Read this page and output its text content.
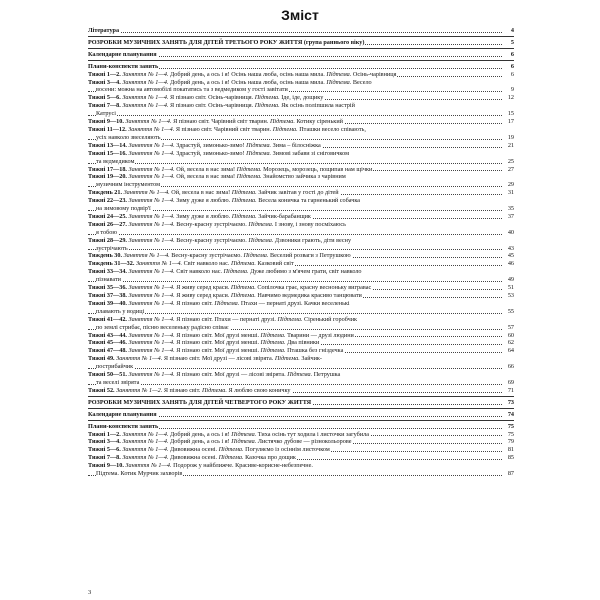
Зміст
Література	4
РОЗРОБКИ МУЗИЧНИХ ЗАНЯТЬ ДЛЯ ДІТЕЙ ТРЕТЬОГО РОКУ ЖИТТЯ (група раннього віку)	5
Календарне планування	6
Плани-конспекти занять	6
Тижні 1—2. Заняття № 1—4. Добрий день, а ось і я! Осінь наша люба, осінь наша мила. Підтема. Осінь-чарівниця	6
Тижні 3—4. Заняття № 1—4. Добрий день, а ось і я! Осінь наша люба, осінь наша мила. Підтема. Весело
восени: можна на автомобілі покататись та з ведмедиком у гості завітати	9
Тижні 5—6. Заняття № 1—4. Я пізнаю світ. Осінь-чарівниця. Підтема. Іде, іде, дощику	12
Тижні 7—8. Заняття № 1—4. Я пізнаю світ. Осінь-чарівниця. Підтема. Як осінь поліпшила настрій
Катрусі	15
Тижні 9—10. Заняття № 1—4. Я пізнаю світ. Чарівний світ тварин. Підтема. Котику сіренький	17
Тижні 11—12. Заняття № 1—4. Я пізнаю світ. Чарівний світ тварин. Підтема. Пташки весело співають,
усіх навколо звеселяють	19
Тижні 13—14. Заняття № 1—4. Здрастуй, зимонько-зимо! Підтема. Зима – білосніжка	21
Тижні 15—16. Заняття № 1—4. Здрастуй, зимонько-зимо! Підтема. Зимові забави зі сніговичком
та ведмедиком	25
Тижні 17—18. Заняття № 1—4. Ой, весела в нас зима! Підтема. Морозець, морозець, пощипав нам щічки	27
Тижні 19—20. Заняття № 1—4. Ой, весела в нас зима! Підтема. Знайомство зайчика з чарівним
музичним інструментом	29
Тиждень 21. Заняття № 1—4. Ой, весела в нас зима! Підтема. Зайчик завітав у гості до дітей	31
Тижні 22—23. Заняття № 1—4. Зиму дуже я люблю. Підтема. Весела коничка та гарненький собачка
на зимовому подвір'ї	35
Тижні 24—25. Заняття № 1—4. Зиму дуже я люблю. Підтема. Зайчик-барабанщик	37
Тижні 26—27. Заняття № 1—4. Весну-красну зустрічаємо. Підтема. І знову, і знову посміхаюсь
я тобою	40
Тижні 28—29. Заняття № 1—4. Весну-красну зустрічаємо. Підтема. Дзвоники грають, діти весну
зустрічають	43
Тиждень 30. Заняття № 1—4. Весну-красну зустрічаємо. Підтема. Веселий розваги з Петрушкою	45
Тиждень 31—32. Заняття № 1—4. Світ навколо нас. Підтема. Казковий світ	46
Тижні 33—34. Заняття № 1—4. Світ навколо нас. Підтема. Дуже любимо з м'ячем грати, світ навколо
пізнавати	49
Тижні 35—36. Заняття № 1—4. Я живу серед краси. Підтема. Сопілочка грає, красну весноньку вигравас	51
Тижні 37—38. Заняття № 1—4. Я живу серед краси. Підтема. Навчимо ведмедика красиво танцювати	53
Тижні 39—40. Заняття № 1—4. Я пізнаю світ. Підтема. Птахи — пернаті друзі. Качки веселенькі
плавають у водиці	55
Тижні 41—42. Заняття № 1—4. Я пізнаю світ. Птахи — пернаті друзі. Підтема. Сіренький горобчик
по землі стрибає, пісню веселеньку радісно співає	57
Тижні 43—44. Заняття № 1—4. Я пізнаю світ. Мої друзі менші. Підтема. Тварини — друзі людини	60
Тижні 45—46. Заняття № 1—4. Я пізнаю світ. Мої друзі менші. Підтема. Два півники	62
Тижні 47—48. Заняття № 1—4. Я пізнаю світ. Мої друзі менші. Підтема. Пташка без гніздечка	64
Тижні 49. Заняття № 1—4. Я пізнаю світ. Мої друзі — лісові звірята. Підтема. Зайчик-
пострибайчик	66
Тижні 50—51. Заняття № 1—4. Я пізнаю світ. Мої друзі — лісові звірята. Підтема. Петрушка
та веселі звірята	69
Тижні 52. Заняття № 1—2. Я пізнаю світ. Підтема. Я люблю свою коничку	71
РОЗРОБКИ МУЗИЧНИХ ЗАНЯТЬ ДЛЯ ДІТЕЙ ЧЕТВЕРТОГО РОКУ ЖИТТЯ	73
Календарне планування	74
Плани-конспекти занять	75
Тижні 1—2. Заняття № 1—4. Добрий день, а ось і я! Підтема. Тиха осінь тут ходила і листочки загубила	75
Тижні 3—4. Заняття № 1—4. Добрий день, а ось і я! Підтема. Листячко дубове — різнокольорове	79
Тижні 5—6. Заняття № 1—4. Дивовижна осені. Підтема. Погуляємо із осіннім листочком	81
Тижні 7—8. Заняття № 1—4. Дивовижна осені. Підтема. Казочка про дощик	85
Тижні 9—10. Заняття № 1—4. Подорож у найближче. Красиве-корисне-небезпечне.
Підтема. Котик Мурчик захворів	87
3
